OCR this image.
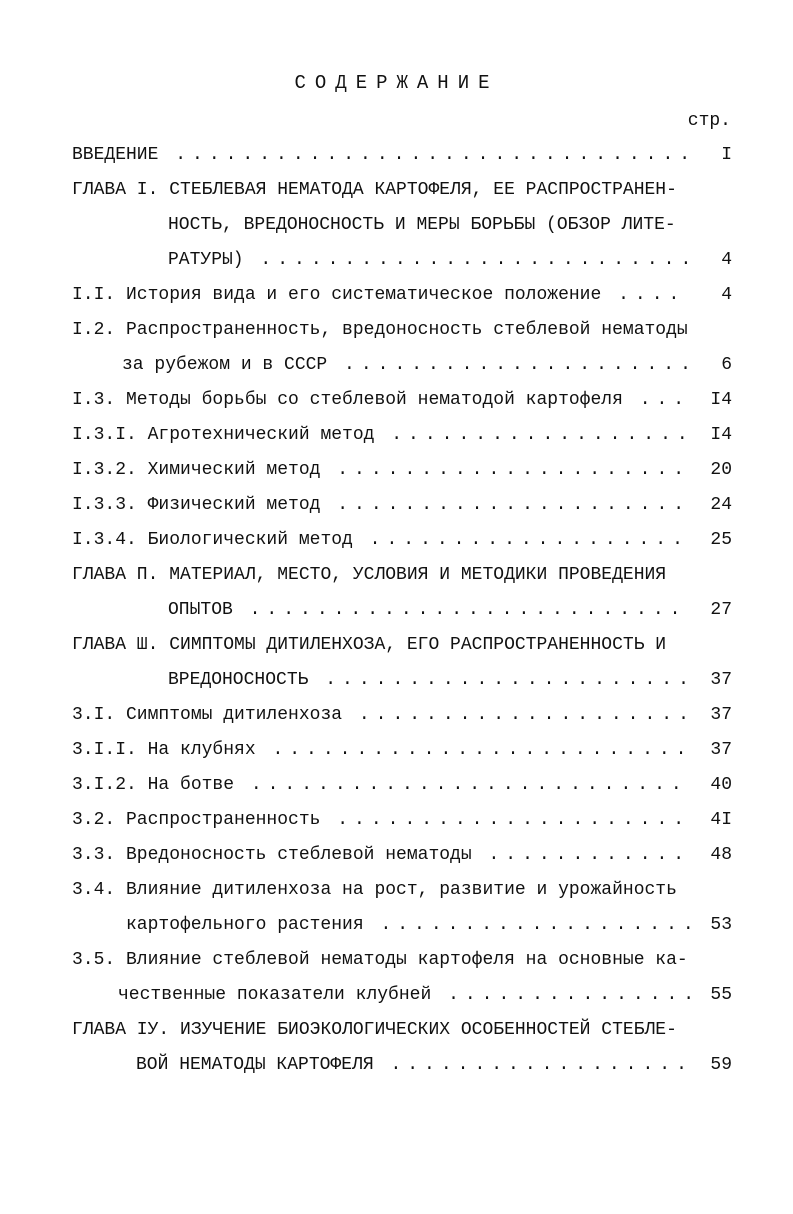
СОДЕРЖАНИЕ
стр.
I
ВВЕДЕНИЕ ...............................
ГЛАВА I. СТЕБЛЕВАЯ НЕМАТОДА КАРТОФЕЛЯ, ЕЕ РАСПРОСТРАНЕН-
НОСТЬ, ВРЕДОНОСНОСТЬ И МЕРЫ БОРЬБЫ (ОБЗОР ЛИТЕ-
4
РАТУРЫ) ..........................
4
I.I. История вида и его систематическое положение ....
I.2. Распространенность, вредоносность стеблевой нематоды
6
за рубежом и в СССР .....................
I4
I.3. Методы борьбы со стеблевой нематодой картофеля ...
I4
I.3.I. Агротехнический метод ..................
20
I.3.2. Химический метод .....................
24
I.3.3. Физический метод .....................
25
I.3.4. Биологический метод ...................
ГЛАВА П. МАТЕРИАЛ, МЕСТО, УСЛОВИЯ И МЕТОДИКИ ПРОВЕДЕНИЯ
27
ОПЫТОВ ..........................
ГЛАВА Ш. СИМПТОМЫ ДИТИЛЕНХОЗА, ЕГО РАСПРОСТРАНЕННОСТЬ И
37
ВРЕДОНОСНОСТЬ ......................
37
3.I. Симптомы дитиленхоза ....................
37
3.I.I. На клубнях .........................
40
3.I.2. На ботве ..........................
4I
3.2. Распространенность .....................
48
3.3. Вредоносность стеблевой нематоды ............
3.4. Влияние дитиленхоза на рост, развитие и урожайность
53
картофельного растения ...................
3.5. Влияние стеблевой нематоды картофеля на основные ка-
55
чественные показатели клубней ...............
ГЛАВА IУ. ИЗУЧЕНИЕ БИОЭКОЛОГИЧЕСКИХ ОСОБЕННОСТЕЙ СТЕБЛЕ-
59
ВОЙ НЕМАТОДЫ КАРТОФЕЛЯ ..................
